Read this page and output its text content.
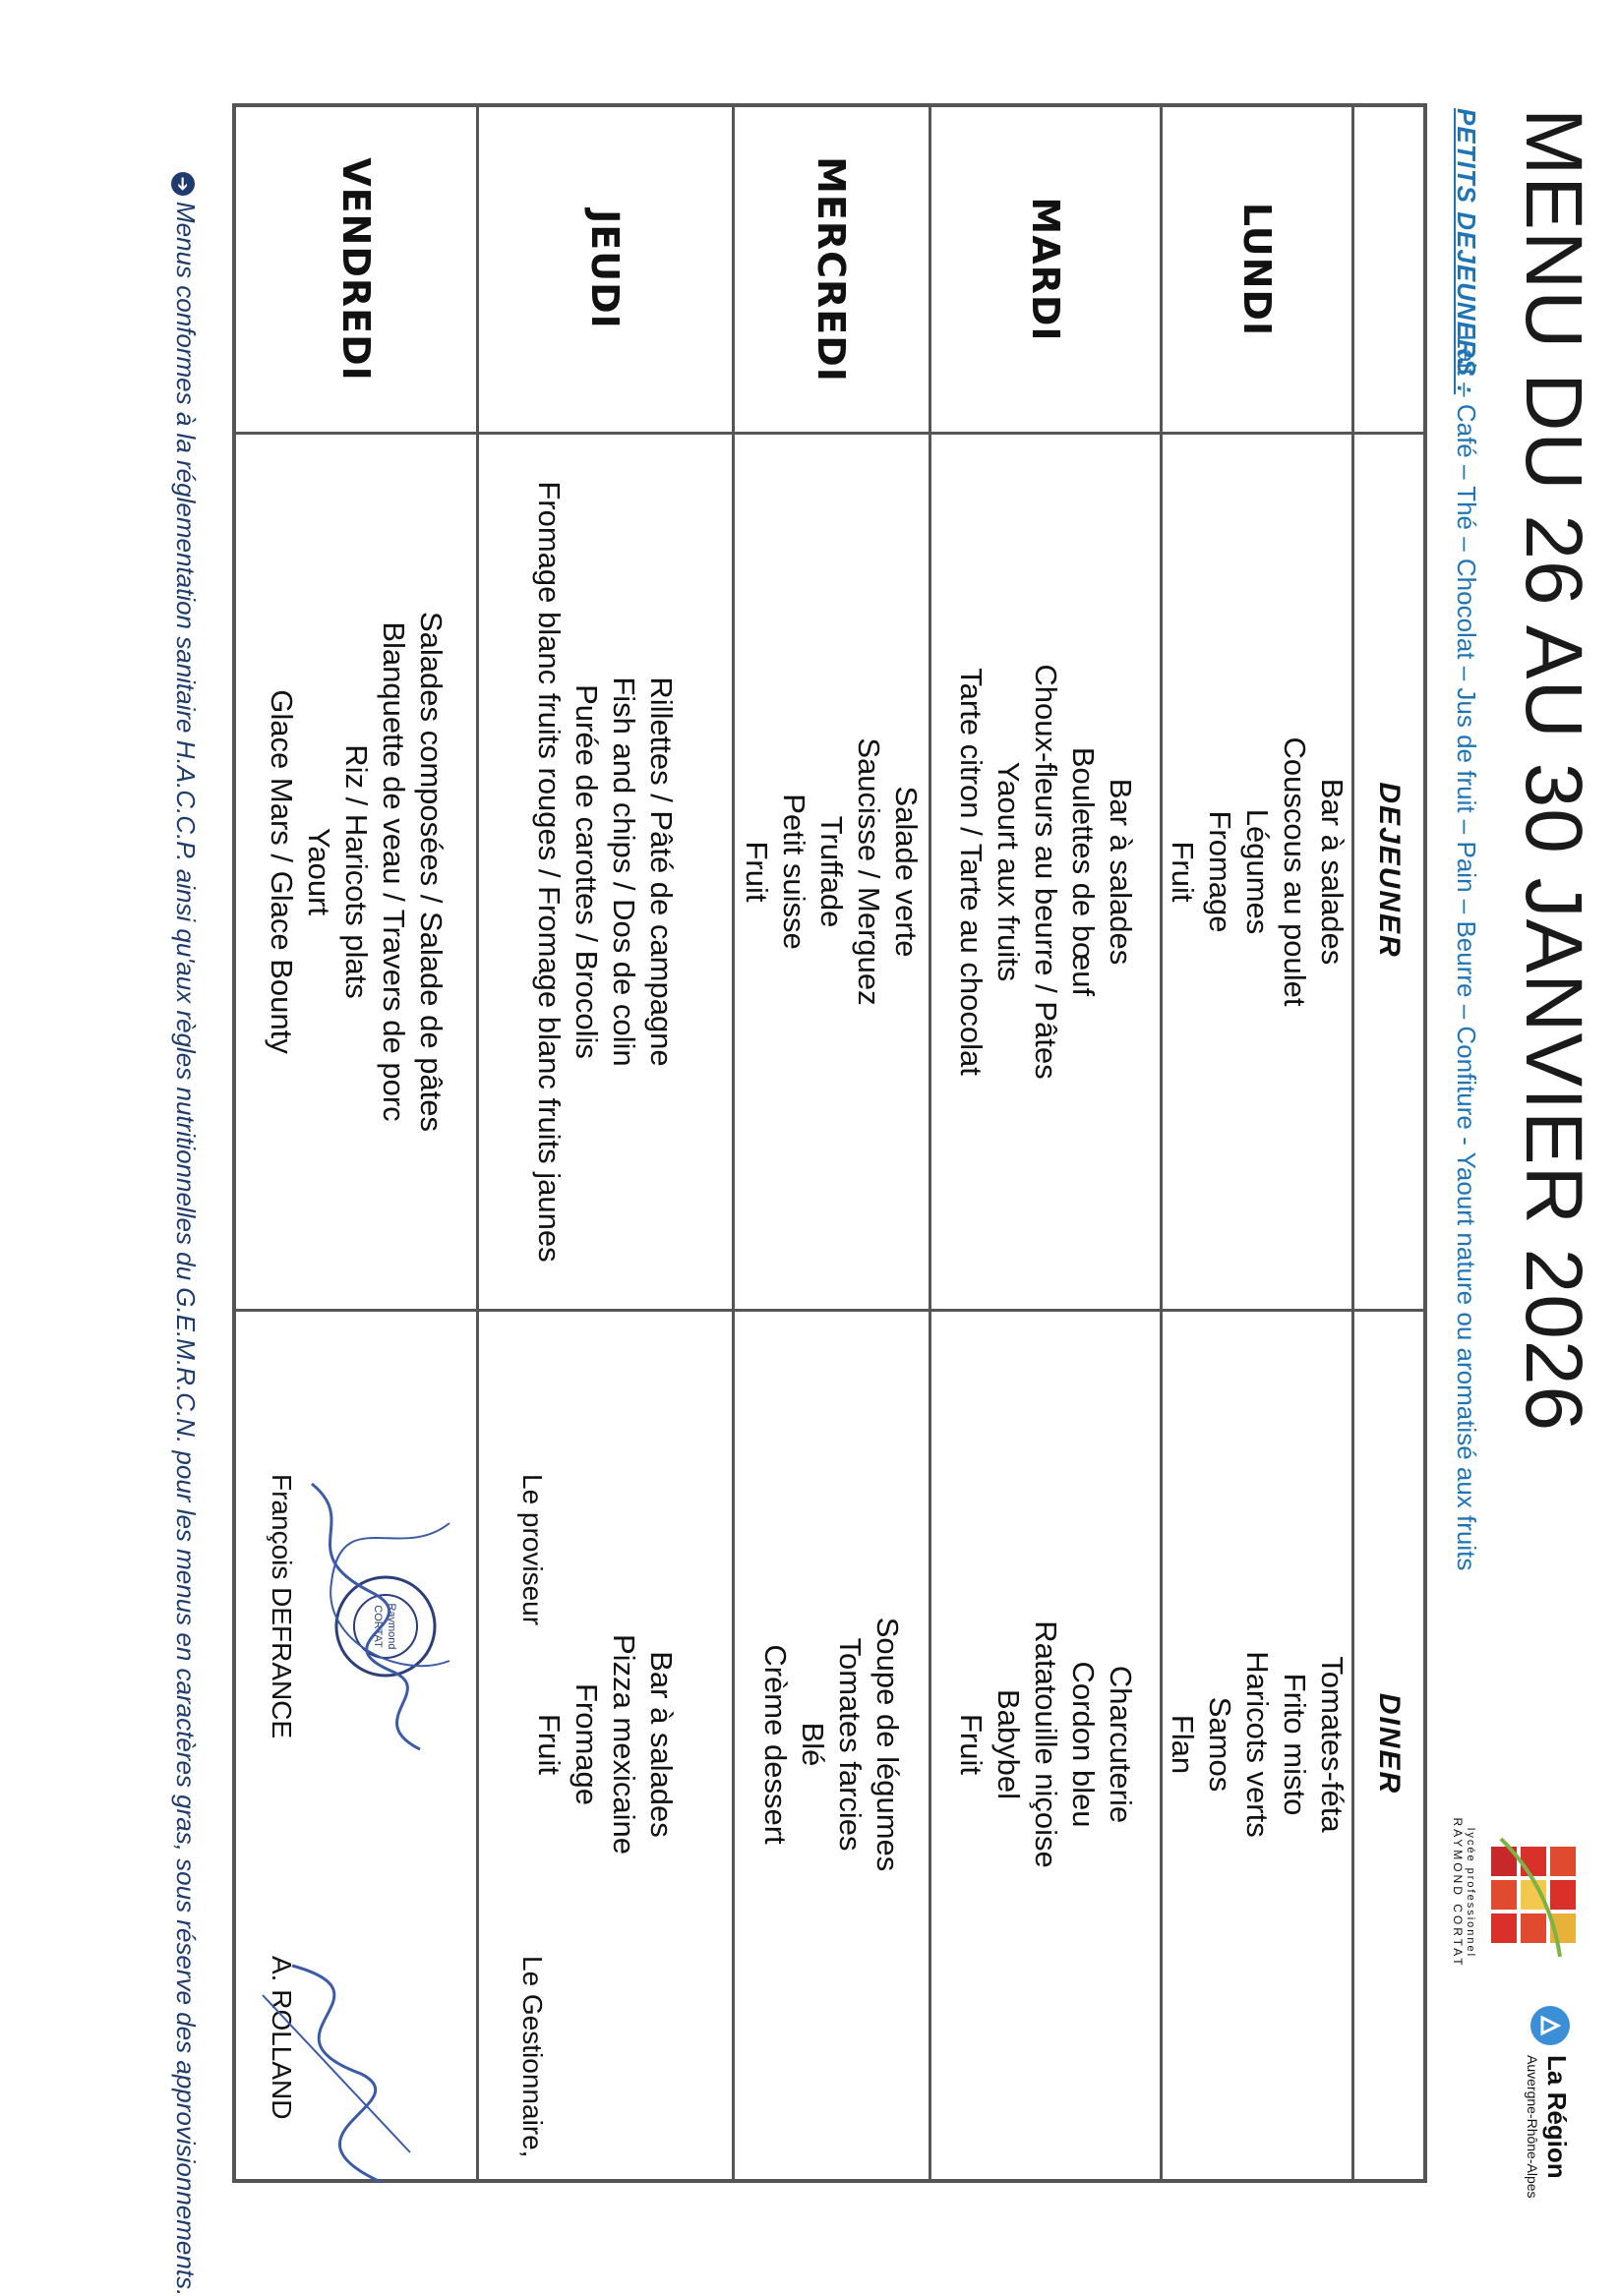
MENU DU 26 AU 30 JANVIER 2026
PETITS DEJEUNERS :
Lait – Café – Thé – Chocolat – Jus de fruit – Pain – Beurre – Confiture - Yaourt nature ou aromatisé aux fruits
lycée professionnel
RAYMOND CORTAT
La Région
Auvergne-Rhône-Alpes
DEJEUNER
DINER
LUNDI
Bar à salades
Couscous au poulet
Légumes
Fromage
Fruit
Tomates-féta
Frito misto
Haricots verts
Samos
Flan
MARDI
Bar à salades
Boulettes de bœuf
Choux-fleurs au beurre / Pâtes
Yaourt aux fruits
Tarte citron / Tarte au chocolat
Charcuterie
Cordon bleu
Ratatouille niçoise
Babybel
Fruit
MERCREDI
Salade verte
Saucisse / Merguez
Truffade
Petit suisse
Fruit
Soupe de légumes
Tomates farcies
Blé
Crème dessert
JEUDI
Rillettes / Pâté de campagne
Fish and chips / Dos de colin
Purée de carottes / Brocolis
Fromage blanc fruits rouges / Fromage blanc fruits jaunes
Bar à salades
Pizza mexicaine
Fromage
Fruit
VENDREDI
Salades composées / Salade de pâtes
Blanquette de veau / Travers de porc
Riz / Haricots plats
Yaourt
Glace Mars / Glace Bounty
Le proviseur
François DEFRANCE	Raymond
CORTAT
Le Gestionnaire,
A. ROLLAND
➔Menus conformes à la réglementation sanitaire H.A.C.C.P. ainsi qu'aux règles nutritionnelles du G.E.M.R.C.N. pour les menus en caractères gras, sous réserve des approvisionnements.
